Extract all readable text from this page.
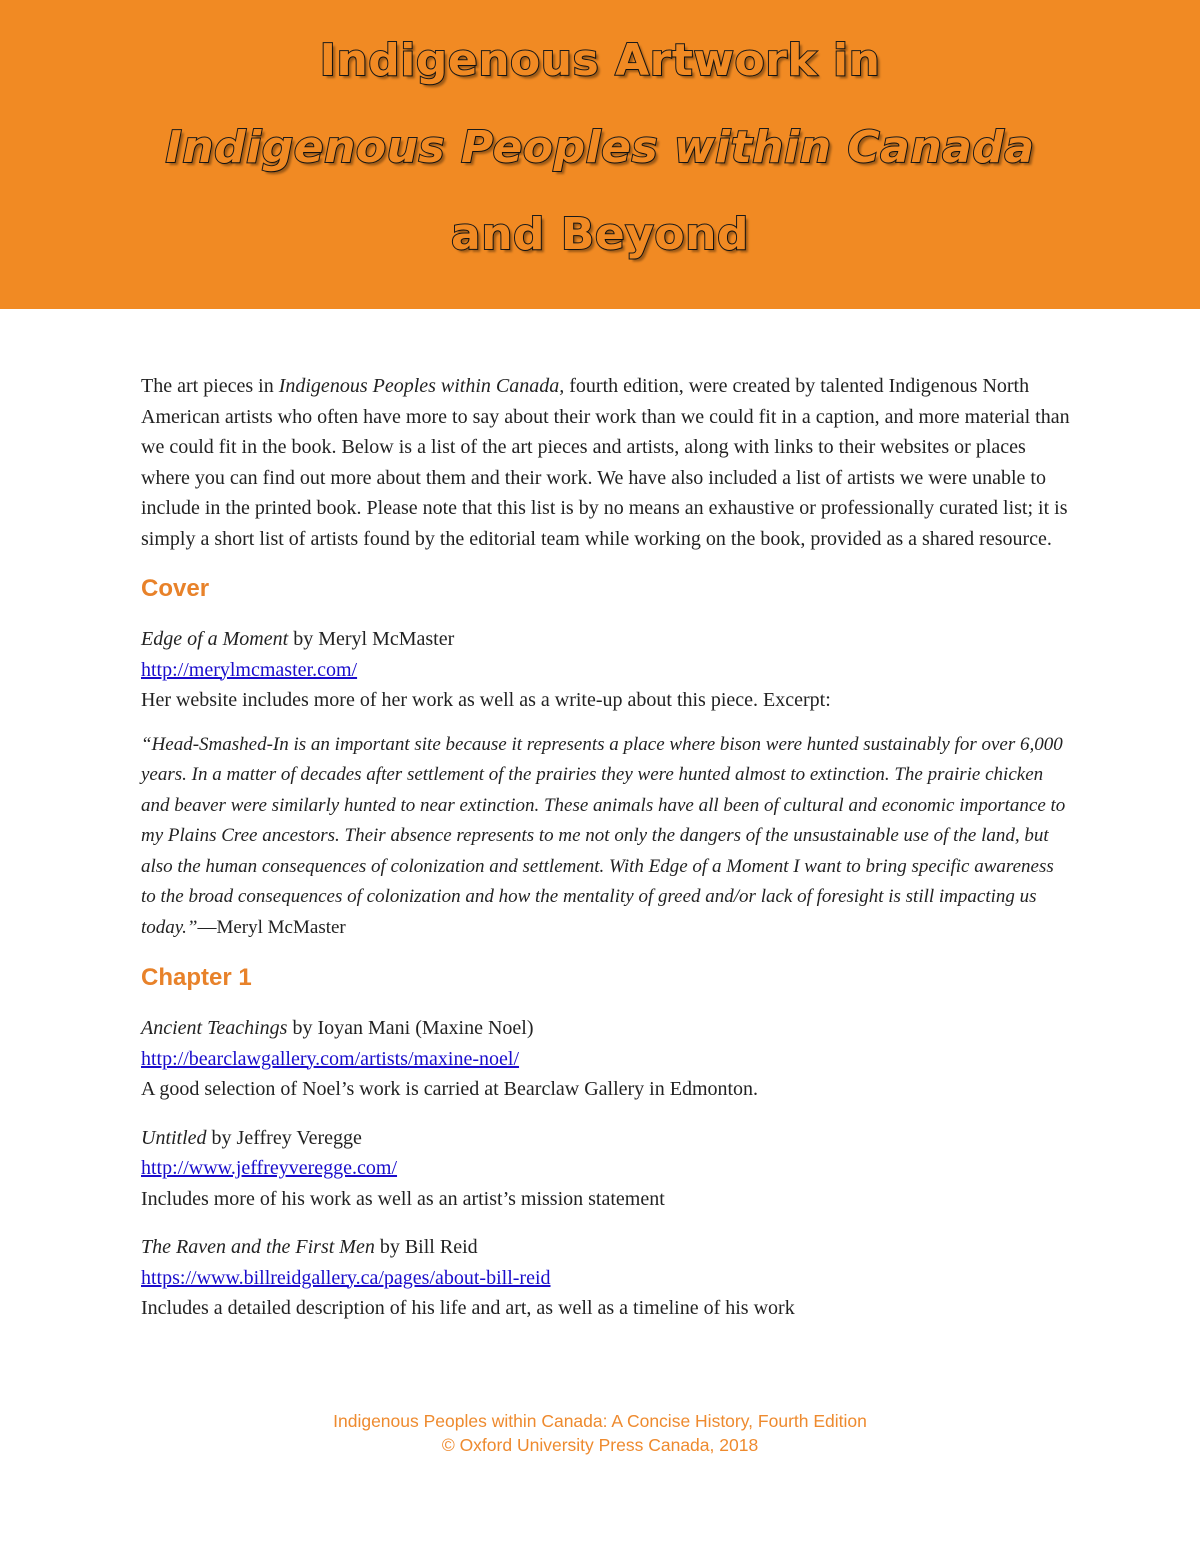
Indigenous Artwork in
Indigenous Peoples within Canada
and Beyond

The art pieces in Indigenous Peoples within Canada, fourth edition, were created by talented Indigenous North American artists who often have more to say about their work than we could fit in a caption, and more material than we could fit in the book. Below is a list of the art pieces and artists, along with links to their websites or places where you can find out more about them and their work. We have also included a list of artists we were unable to include in the printed book. Please note that this list is by no means an exhaustive or professionally curated list; it is simply a short list of artists found by the editorial team while working on the book, provided as a shared resource.

Cover
Edge of a Moment by Meryl McMaster
http://merylmcmaster.com/
Her website includes more of her work as well as a write-up about this piece. Excerpt:

“Head-Smashed-In is an important site because it represents a place where bison were hunted sustainably for over 6,000 years. In a matter of decades after settlement of the prairies they were hunted almost to extinction. The prairie chicken and beaver were similarly hunted to near extinction. These animals have all been of cultural and economic importance to my Plains Cree ancestors. Their absence represents to me not only the dangers of the unsustainable use of the land, but also the human consequences of colonization and settlement. With Edge of a Moment I want to bring specific awareness to the broad consequences of colonization and how the mentality of greed and/or lack of foresight is still impacting us today.”—Meryl McMaster

Chapter 1
Ancient Teachings by Ioyan Mani (Maxine Noel)
http://bearclawgallery.com/artists/maxine-noel/
A good selection of Noel’s work is carried at Bearclaw Gallery in Edmonton.
Untitled by Jeffrey Veregge
http://www.jeffreyveregge.com/
Includes more of his work as well as an artist’s mission statement
The Raven and the First Men by Bill Reid
https://www.billreidgallery.ca/pages/about-bill-reid
Includes a detailed description of his life and art, as well as a timeline of his work
Indigenous Peoples within Canada: A Concise History, Fourth Edition
© Oxford University Press Canada, 2018
